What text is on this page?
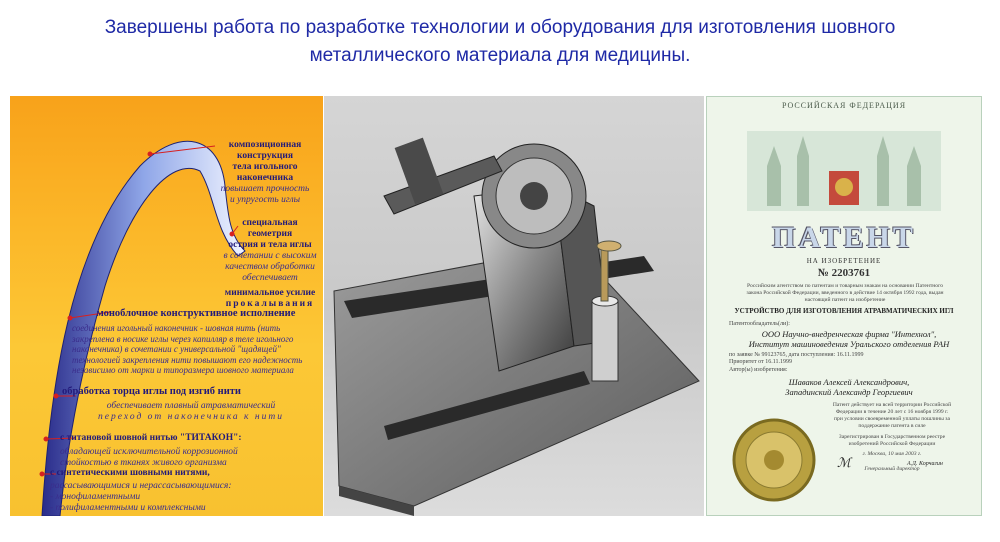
Завершены работа по разработке технологии и оборудования для изготовления шовного
металлического материала для медицины.
композиционная конструкция
тела игольного наконечника
повышает прочность
и упругость иглы
специальная геометрия
острия и тела иглы
в сочетании с высоким
качеством обработки
обеспечивает
минимальное усилие
прокалывания
моноблочное конструктивное исполнение
соединения игольный наконечник - шовная нить (нить
закреплена в носике иглы через капилляр в теле игольного
наконечника) в сочетании с универсальной "щадящей"
технологией закрепления нити повышают его надежность
независимо от марки и типоразмера шовного материала
обработка торца иглы под изгиб нити
обеспечивает плавный атравматический
переход от наконечника к нити
с титановой шовной нитью "ТИТАКОН":
обладающей исключительной коррозионной
стойкостью в тканях живого организма
с синтетическими шовными нитями,
рассасывающимися и нерассасывающимися:
- монофиламентными
- полифиламентными и комплексными
РОССИЙСКАЯ ФЕДЕРАЦИЯ
ПАТЕНТ
НА ИЗОБРЕТЕНИЕ
№ 2203761
Российским агентством по патентам и товарным знакам на основании Патентного
закона Российской Федерации, введенного в действие 14 октября 1992 года, выдан
настоящий патент на изобретение
УСТРОЙСТВО ДЛЯ ИЗГОТОВЛЕНИЯ АТРАВМАТИЧЕСКИХ ИГЛ
Патентообладатель(ли):
ООО Научно-внедренческая фирма "Интехнол",
Институт машиноведения Уральского отделения РАН
по заявке № 99123765, дата поступления: 16.11.1999
Приоритет от 16.11.1999
Автор(ы) изобретения:
Шаваков Алексей Александрович,
Западинский Александр Георгиевич
Патент действует на всей территории Российской
Федерации в течение 20 лет с 16 ноября 1999 г.
при условии своевременной уплаты пошлины за
поддержание патента в силе
Зарегистрирован в Государственном реестре
изобретений Российской Федерации
г. Москва, 10 мая 2003 г.
Генеральный директор
ℳ	А.Д. Корчагин
